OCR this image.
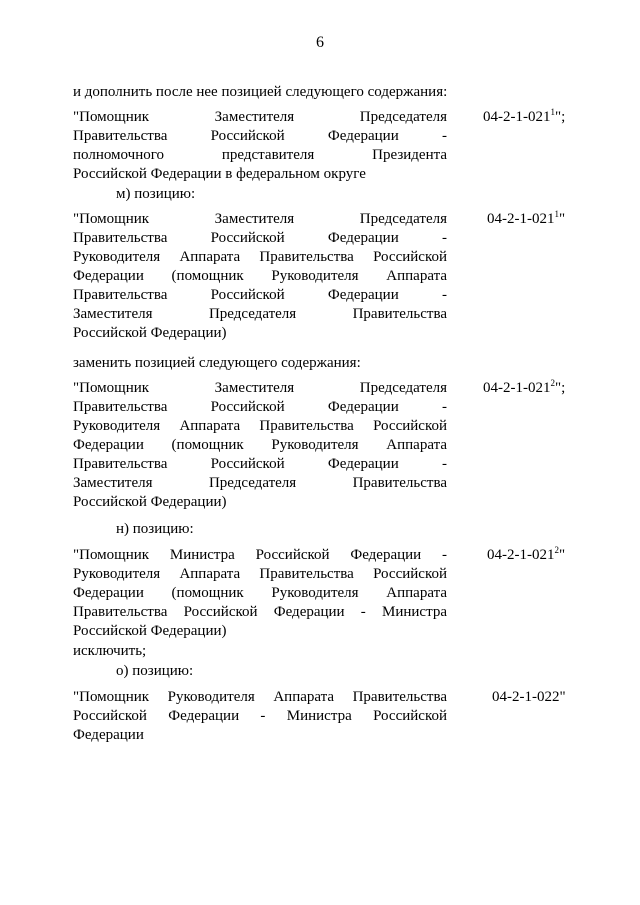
6
и дополнить после нее позицией следующего содержания:
"Помощник Заместителя Председателя
Правительства Российской Федерации -
полномочного представителя Президента
Российской Федерации в федеральном округе
$04-2-1-021^1$";
м) позицию:
"Помощник Заместителя Председателя
Правительства Российской Федерации -
Руководителя Аппарата Правительства Российской
Федерации (помощник Руководителя Аппарата
Правительства Российской Федерации -
Заместителя Председателя Правительства
Российской Федерации)
$04-2-1-021^1$"
заменить позицией следующего содержания:
"Помощник Заместителя Председателя
Правительства Российской Федерации -
Руководителя Аппарата Правительства Российской
Федерации (помощник Руководителя Аппарата
Правительства Российской Федерации -
Заместителя Председателя Правительства
Российской Федерации)
$04-2-1-021^2$";
н) позицию:
"Помощник Министра Российской Федерации -
Руководителя Аппарата Правительства Российской
Федерации (помощник Руководителя Аппарата
Правительства Российской Федерации - Министра
Российской Федерации)
$04-2-1-021^2$"
исключить;
о) позицию:
"Помощник Руководителя Аппарата Правительства
Российской Федерации - Министра Российской
Федерации
04-2-1-022"
